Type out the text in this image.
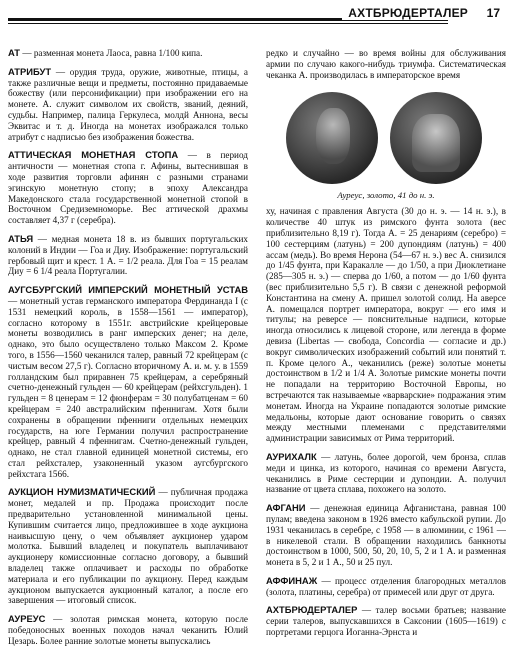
АХТБРЮДЕРТАЛЕР 17
АТ — разменная монета Лаоса, равна 1/100 кипа.
АТРИБУТ — орудия труда, оружие, животные, птицы, а также различные вещи и предметы, постоянно придаваемые божеству (или персонификации) при изображении его на монете. А. служит символом их свойств, званий, деяний, судьбы. Например, палица Геркулеса, молдй Аннона, весы Эквитас и т. д. Иногда на монетах изображался только атрибут с надписью без изображения божества.
АТТИЧЕСКАЯ МОНЕТНАЯ СТОПА — в период античности — монетная стопа г. Афины, вытеснившая в ходе развития торговли афинян с разными странами эгинскую монетную стопу; в эпоху Александра Македонского стала государственной монетной стопой в Восточном Средиземноморье. Вес аттической драхмы составляет 4,37 г (серебра).
АТЬЯ — медная монета 18 в. из бывших португальских колоний в Индии — Гоа и Диу. Изображение: португальский гербовый щит и крест. 1 А. = 1/2 реала. Для Гоа = 15 реалам Диу = 6 1/4 реала Португалии.
АУГСБУРГСКИЙ ИМПЕРСКИЙ МОНЕТНЫЙ УСТАВ — монетный устав германского императора Фердинанда I (с 1531 немецкий король, в 1558—1561 — император), согласно которому в 1551г. австрийские крейцеровые монеты возводились в ранг имперских денег; на деле, однако, это было осуществлено только Максом 2. Кроме того, в 1556—1560 чеканился талер, равный 72 крейцерам (с чистым весом 27,5 г). Согласно вторичному А. и. м. у. в 1559 голландским был приравнен 75 крейцерам, а серебряный счетно-денежный гульден — 60 крейцерам (рейхсгульден). 1 гульден = 8 ценерам = 12 фюнферам = 30 полубатценам = 60 крейцерам = 240 австралийским пфеннигам. Хотя были сохранены в обращении пфенниги отдельных немецких государств, на юге Германии получил распространение крейцер, равный 4 пфеннигам. Счетно-денежный гульден, однако, не стал главной единицей монетной системы, его стал рейхсталер, узаконенный указом аугсбургского рейхстага 1566.
АУКЦИОН НУМИЗМАТИЧЕСКИЙ — публичная продажа монет, медалей и пр. Продажа происходит после предварительно установленной минимальной цены. Купившим считается лицо, предложившее в ходе аукциона наивысшую цену, о чем объявляет аукционер ударом молотка. Бывший владелец и покупатель выплачивают аукционеру комиссионные согласно договору, а бывший владелец также оплачивает и расходы по обработке материала и его публикации по аукциону. Перед каждым аукционом выпускается аукционный каталог, а после его завершения — итоговый список.
АУРЕУС — золотая римская монета, которую после победоносных военных походов начал чеканить Юлий Цезарь. Более ранние золотые монеты выпускались
редко и случайно — во время войны для обслуживания армии по случаю какого-нибудь триумфа. Систематическая чеканка А. производилась в императорское время
Ауреус, золото, 41 до н. э.
ху, начиная с правления Августа (30 до н. э. — 14 н. э.), в количестве 40 штук из римского фунта золота (вес приблизительно 8,19 г). Тогда А. = 25 денариям (серебро) = 100 сестерциям (латунь) = 200 дупондиям (латунь) = 400 ассам (медь). Во время Нерона (54—67 н. э.) вес А. снизился до 1/45 фунта, при Каракалле — до 1/50, а при Диоклетиане (285—305 н. э.) — сперва до 1/60, а потом — до 1/60 фунта (вес приблизительно 5,5 г). В связи с денежной реформой Константина на смену А. пришел золотой солид. На аверсе А. помещался портрет императора, вокруг — его имя и титулы; на реверсе — пояснительные надписи, которые иногда относились к лицевой стороне, или легенда в форме девиза (Libertas — свобода, Concordia — согласие и др.) вокруг символических изображений событий или понятий т. п. Кроме целого А., чеканились (реже) золотые монеты достоинством в 1/2 и 1/4 А. Золотые римские монеты почти не попадали на территорию Восточной Европы, но встречаются так называемые «варварские» подражания этим монетам. Иногда на Украине попадаются золотые римские медальоны, которые дают основание говорить о связях между местными племенами с представителями администрации зависимых от Рима территорий.
АУРИХАЛК — латунь, более дорогой, чем бронза, сплав меди и цинка, из которого, начиная со времени Августа, чеканились в Риме сестерции и дупондии. А. получил название от цвета сплава, похожего на золото.
АФГАНИ — денежная единица Афганистана, равная 100 пулам; введена законом в 1926 вместо кабульской рупии. До 1931 чеканилась в серебре, с 1958 — в алюминии, с 1961 — в никелевой стали. В обращении находились банкноты достоинством в 1000, 500, 50, 20, 10, 5, 2 и 1 А. и разменная монета в 5, 2 и 1 А., 50 и 25 пул.
АФФИНАЖ — процесс отделения благородных металлов (золота, платины, серебра) от примесей или друг от друга.
АХТБРЮДЕРТАЛЕР — талер восьми братьев; название серии талеров, выпускавшихся в Саксонии (1605—1619) с портретами герцога Иоганна-Эрнста и
